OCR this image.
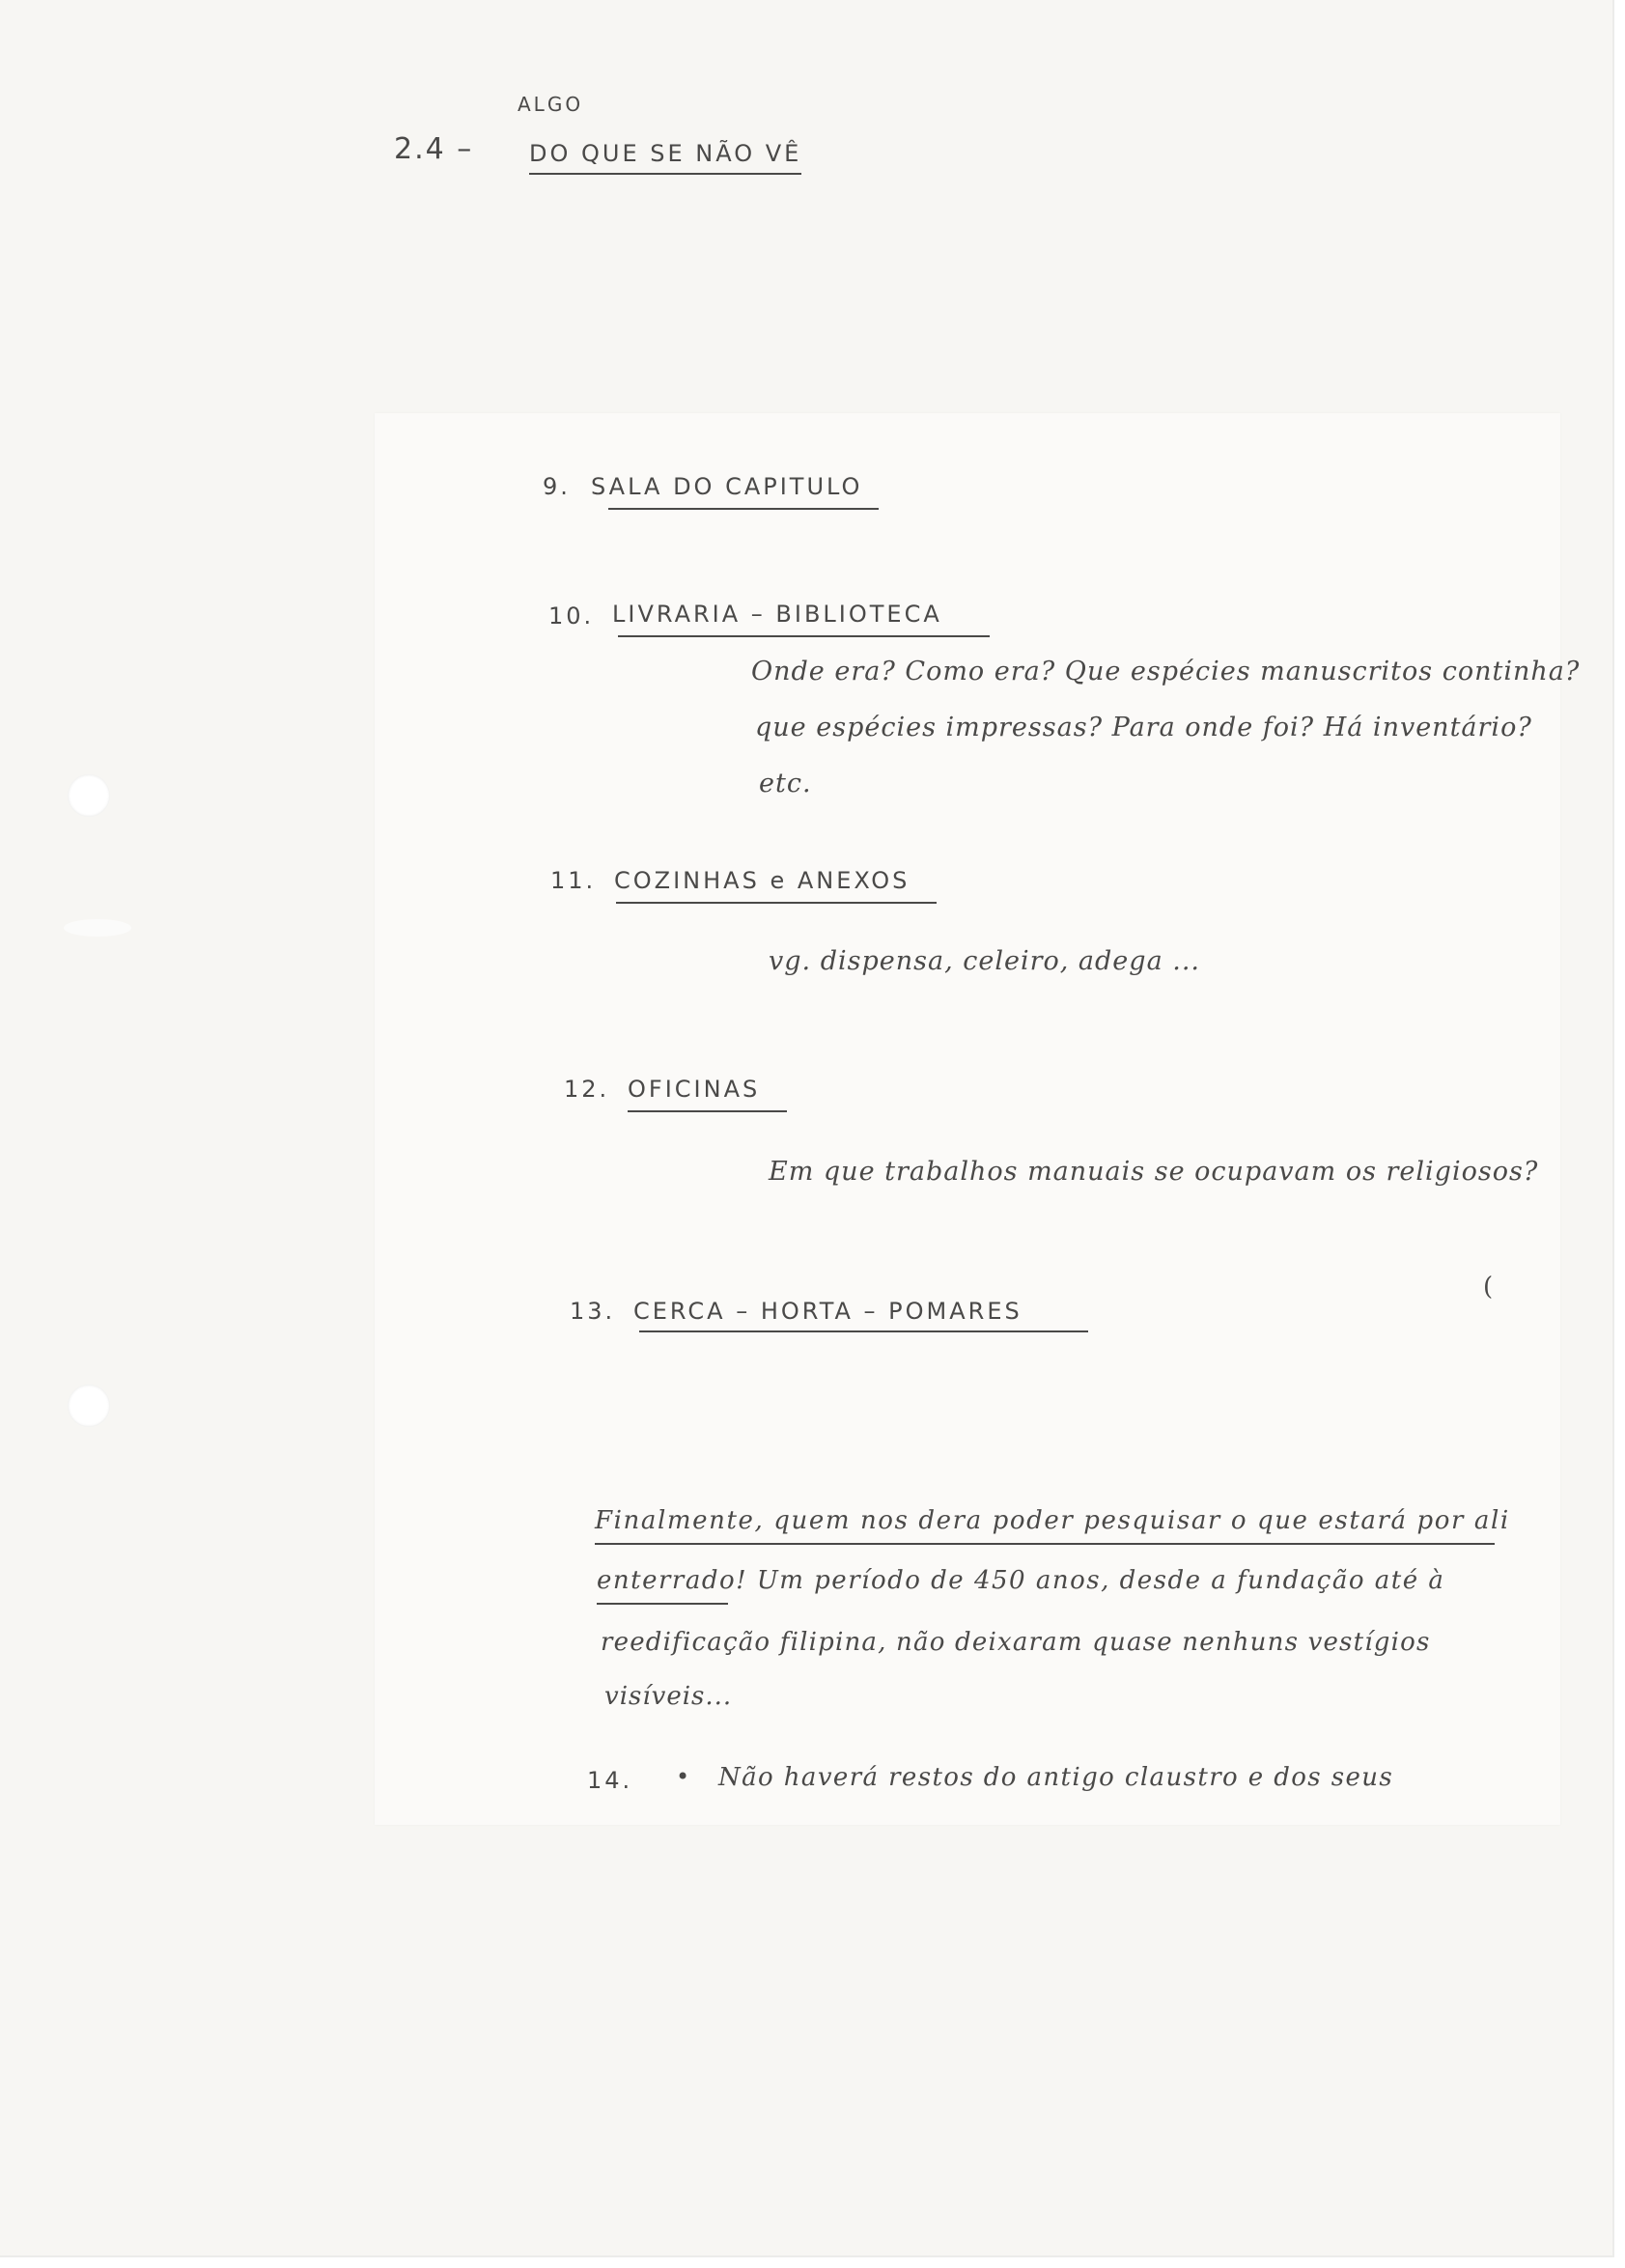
ALGO
2.4 – DO QUE SE NÃO VÊ
9. SALA DO CAPITULO
10. LIVRARIA – BIBLIOTECA
Onde era? Como era? Que espécies manuscritos continha?
que espécies impressas? Para onde foi? Há inventário?
etc.
11. COZINHAS e ANEXOS
vg. dispensa, celeiro, adega ...
12. OFICINAS
Em que trabalhos manuais se ocupavam os religiosos?
13. CERCA – HORTA – POMARES
(
Finalmente, quem nos dera poder pesquisar o que estará por ali
enterrado! Um período de 450 anos, desde a fundação até à
reedificação filipina, não deixaram quase nenhuns vestígios
visíveis...
14. • Não haverá restos do antigo claustro e dos seus
